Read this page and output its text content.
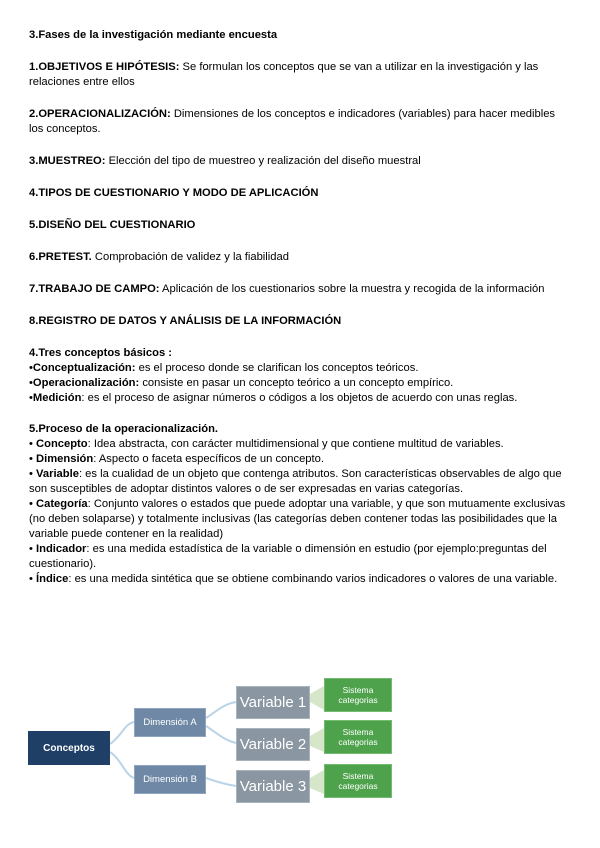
3.Fases de la investigación mediante encuesta

1.OBJETIVOS E HIPÓTESIS: Se formulan los conceptos que se van a utilizar en la investigación y las relaciones entre ellos

2.OPERACIONALIZACIÓN: Dimensiones de los conceptos e indicadores (variables) para hacer medibles los conceptos.

3.MUESTREO: Elección del tipo de muestreo y realización del diseño muestral

4.TIPOS DE CUESTIONARIO Y MODO DE APLICACIÓN

5.DISEÑO DEL CUESTIONARIO

6.PRETEST. Comprobación de validez y la fiabilidad

7.TRABAJO DE CAMPO: Aplicación de los cuestionarios sobre la muestra y recogida de la información

8.REGISTRO DE DATOS Y ANÁLISIS DE LA INFORMACIÓN

4.Tres conceptos básicos :

•Conceptualización: es el proceso donde se clarifican los conceptos teóricos.

•Operacionalización: consiste en pasar un concepto teórico a un concepto empírico.

•Medición: es el proceso de asignar números o códigos a los objetos de acuerdo con unas reglas.

5.Proceso de la operacionalización.

• Concepto: Idea abstracta, con carácter multidimensional y que contiene multitud de variables.

• Dimensión: Aspecto o faceta específicos de un concepto.

• Variable: es la cualidad de un objeto que contenga atributos. Son características observables de algo que son susceptibles de adoptar distintos valores o de ser expresadas en varias categorías.

• Categoría: Conjunto valores o estados que puede adoptar una variable, y que son mutuamente exclusivas (no deben solaparse) y totalmente inclusivas (las categorías deben contener todas las posibilidades que la variable puede contener en la realidad)

• Indicador: es una medida estadística de la variable o dimensión en estudio (por ejemplo:preguntas del cuestionario).

• Índice: es una medida sintética que se obtiene combinando varios indicadores o valores de una variable.

Conceptos
Dimensión A
Dimensión B
Variable 1
Variable 2
Variable 3
Sistema categorias
Sistema categorias
Sistema categorias
